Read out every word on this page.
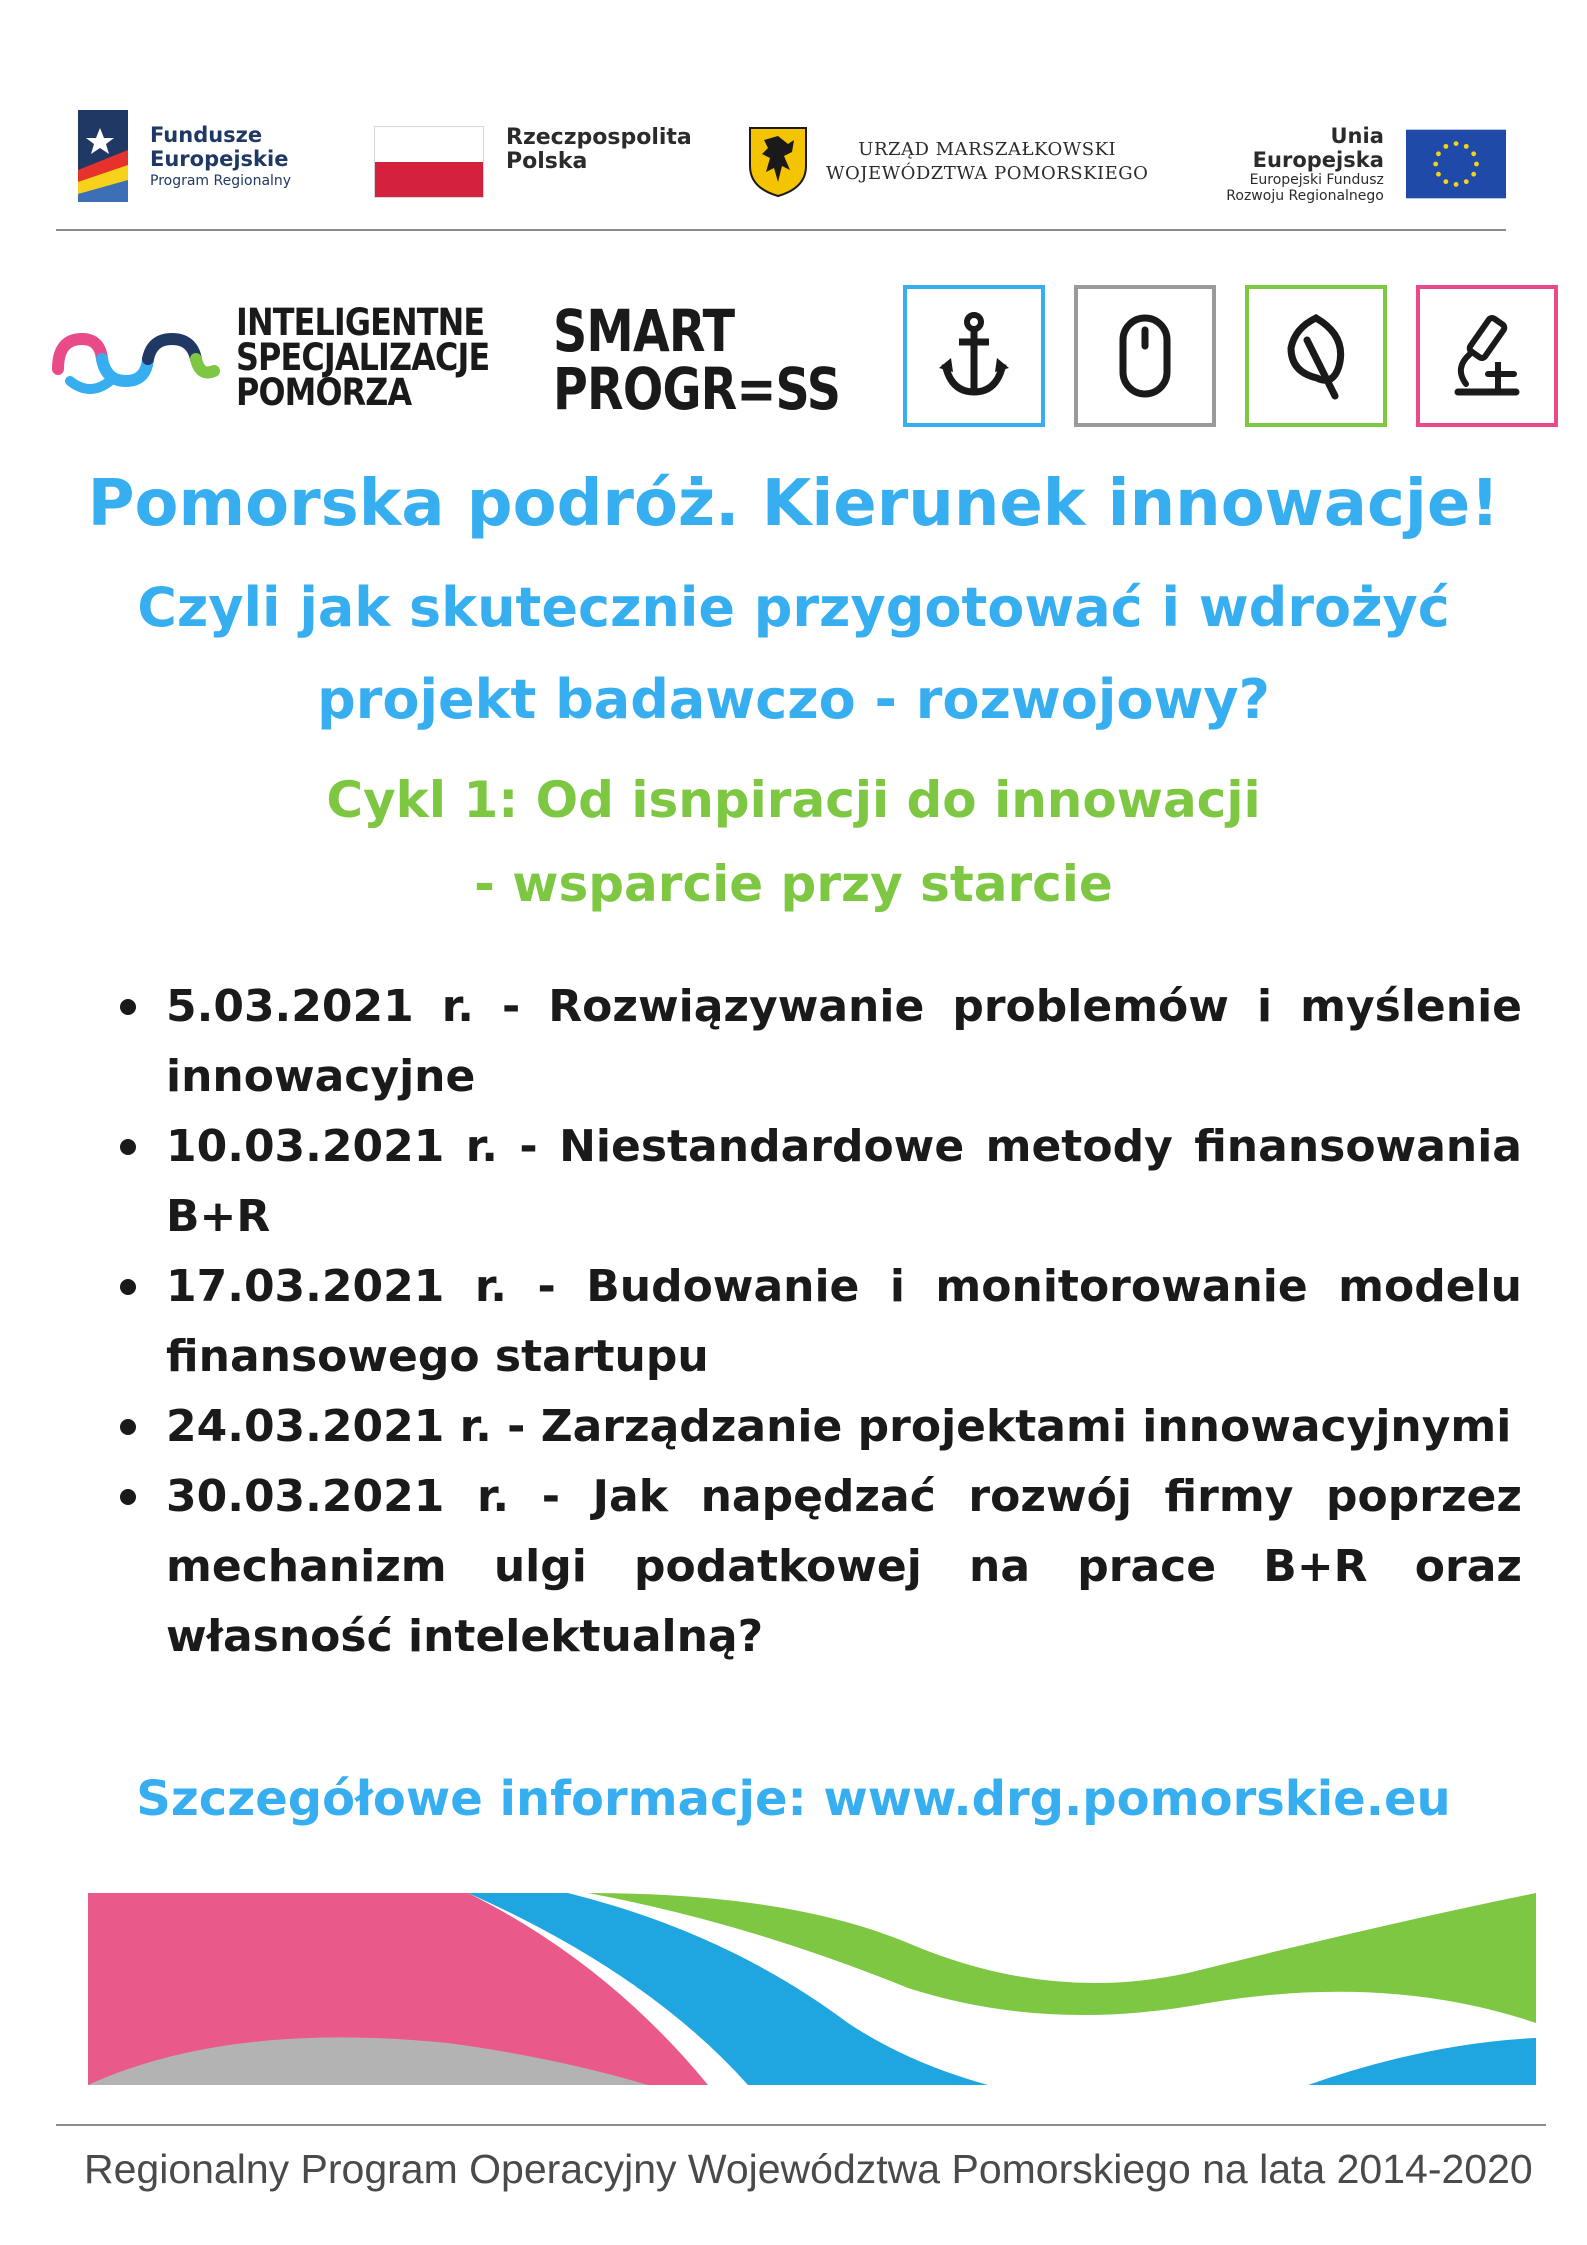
Fundusze
Europejskie
Program Regionalny
Rzeczpospolita
Polska	URZĄD MARSZAŁKOWSKI
WOJEWÓDZTWA POMORSKIEGO
Unia Europejska
Europejski Fundusz
Rozwoju Regionalnego
INTELIGENTNE
SPECJALIZACJE
POMORZA
SMART
PROGR=SS
Pomorska podróż. Kierunek innowacje!
Czyli jak skutecznie przygotować i wdrożyć
projekt badawczo - rozwojowy?
Cykl 1: Od isnpiracji do innowacji
- wsparcie przy starcie
5.03.2021 r. - Rozwiązywanie problemów i myślenie innowacyjne
10.03.2021 r. - Niestandardowe metody finansowania B+R
17.03.2021 r. - Budowanie i monitorowanie modelu finansowego startupu
24.03.2021 r. - Zarządzanie projektami innowacyjnymi
30.03.2021 r. - Jak napędzać rozwój firmy poprzez mechanizm ulgi podatkowej na prace B+R oraz własność intelektualną?
Szczegółowe informacje: www.drg.pomorskie.eu
Regionalny Program Operacyjny Województwa Pomorskiego na lata 2014-2020
